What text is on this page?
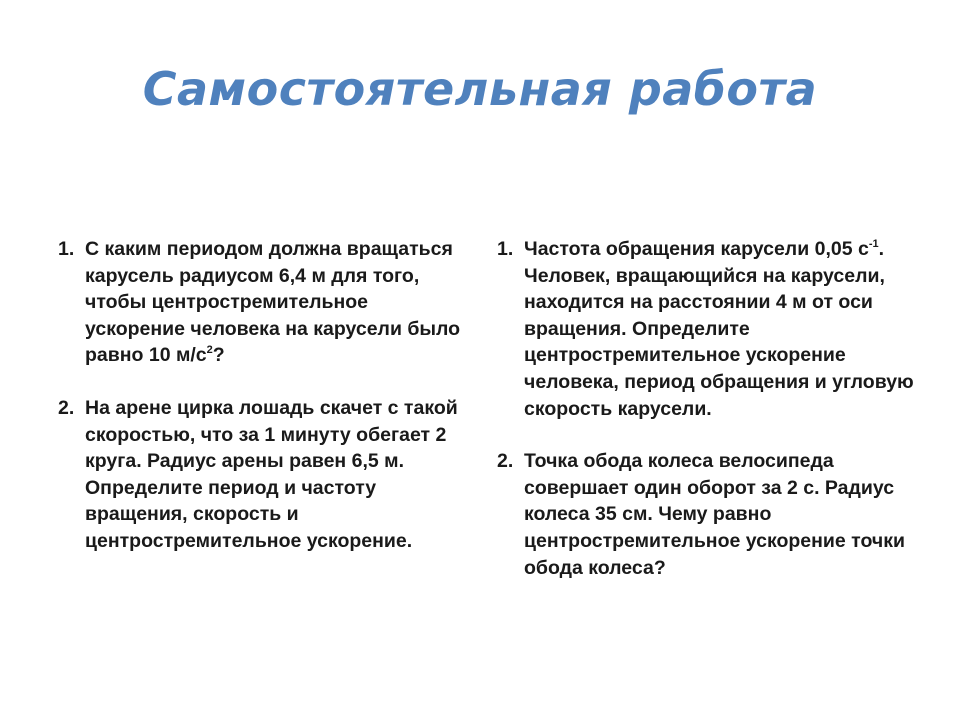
Самостоятельная работа
1. С каким периодом должна вращаться карусель радиусом 6,4 м для того, чтобы центростремительное ускорение человека на карусели было равно 10 $м/с^2$?
2. На арене цирка лошадь скачет с такой скоростью, что за 1 минуту обегает 2 круга. Радиус арены равен 6,5 м. Определите период и частоту вращения, скорость и центростремительное ускорение.
1. Частота обращения карусели 0,05 $с^{-1}$. Человек, вращающийся на карусели, находится на расстоянии 4 м от оси вращения. Определите центростремительное ускорение человека, период обращения и угловую скорость карусели.
2. Точка обода колеса велосипеда совершает один оборот за 2 с. Радиус колеса 35 см. Чему равно центростремительное ускорение точки обода колеса?
